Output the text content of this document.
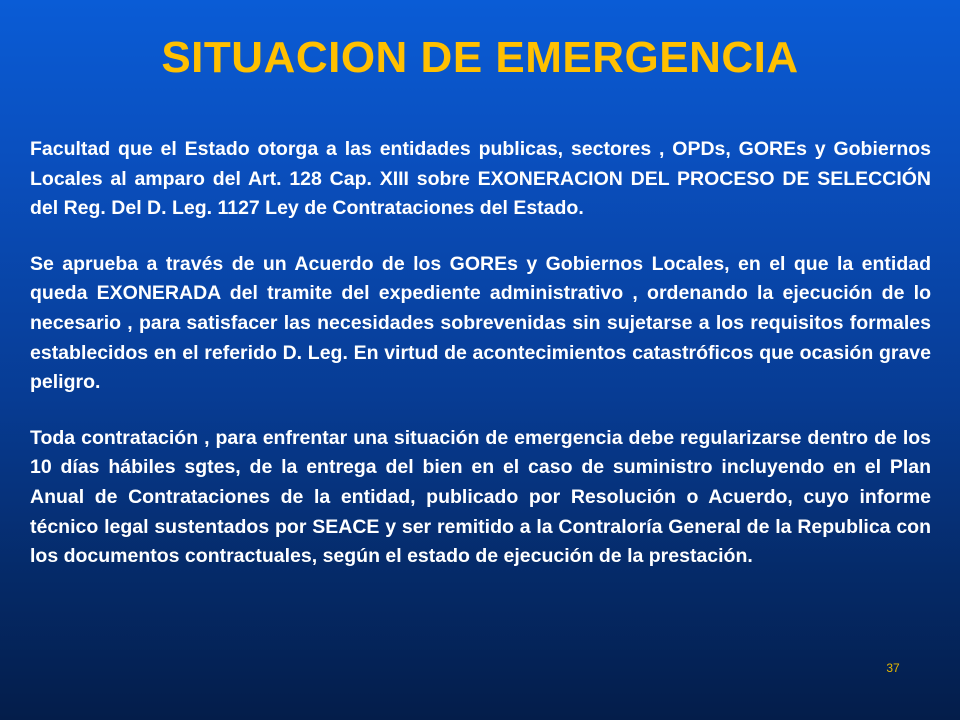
SITUACION DE EMERGENCIA

Facultad que el Estado otorga a las entidades publicas, sectores , OPDs, GOREs y Gobiernos Locales al amparo del Art. 128 Cap. XIII sobre EXONERACION DEL PROCESO DE SELECCIÓN del Reg. Del D. Leg. 1127 Ley de Contrataciones del Estado.

Se aprueba a través de un Acuerdo de los GOREs y Gobiernos Locales, en el que la entidad queda EXONERADA del tramite del expediente administrativo , ordenando la ejecución de lo necesario , para satisfacer las necesidades sobrevenidas sin sujetarse a los requisitos formales establecidos en el referido D. Leg. En virtud de acontecimientos catastróficos que ocasión grave peligro.

Toda contratación , para enfrentar una situación de emergencia debe regularizarse dentro de los 10 días hábiles sgtes, de la entrega del bien en el caso de suministro incluyendo en el Plan Anual de Contrataciones de la entidad, publicado por Resolución o Acuerdo, cuyo informe técnico legal sustentados por SEACE y ser remitido a la Contraloría General de la Republica con los documentos contractuales, según el estado de ejecución de la prestación.

37
